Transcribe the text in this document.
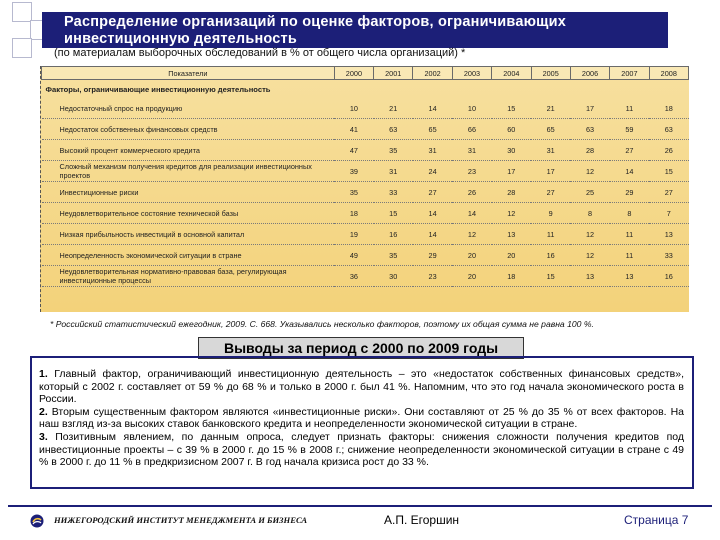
Распределение организаций по оценке факторов, ограничивающих инвестиционную деятельность
(по материалам выборочных обследований в % от общего числа организаций) *
Показатели	2000	2001	2002	2003	2004	2005	2006	2007	2008
Факторы, ограничивающие инвестиционную деятельность									
Недостаточный спрос на продукцию	10	21	14	10	15	21	17	11	18
Недостаток собственных финансовых средств	41	63	65	66	60	65	63	59	63
Высокий процент коммерческого кредита	47	35	31	31	30	31	28	27	26
Сложный механизм получения кредитов для реализации инвестиционных проектов	39	31	24	23	17	17	12	14	15
Инвестиционные риски	35	33	27	26	28	27	25	29	27
Неудовлетворительное состояние технической базы	18	15	14	14	12	9	8	8	7
Низкая прибыльность инвестиций в основной капитал	19	16	14	12	13	11	12	11	13
Неопределенность экономической ситуации в стране	49	35	29	20	20	16	12	11	33
Неудовлетворительная нормативно-правовая база, регулирующая инвестиционные процессы	36	30	23	20	18	15	13	13	16
* Российский статистический ежегодник, 2009. С. 668. Указывались несколько факторов, поэтому их общая сумма не равна 100 %.
Выводы за период с 2000 по 2009 годы

1. Главный фактор, ограничивающий инвестиционную деятельность – это «недостаток собственных финансовых средств», который с 2002 г. составляет от 59 % до 68 % и только в 2000 г. был 41 %. Напомним, что это год начала экономического роста в России.

2. Вторым существенным фактором являются «инвестиционные риски». Они составляют от 25 % до 35 % от всех факторов. На наш взгляд из-за высоких ставок банковского кредита и неопределенности экономической ситуации в стране.

3. Позитивным явлением, по данным опроса, следует признать факторы: снижения сложности получения кредитов под инвестиционные проекты – с 39 % в 2000 г. до 15 % в 2008 г.; снижение неопределенности экономической ситуации в стране с 49 % в 2000 г. до 11 % в предкризисном 2007 г. В год начала кризиса рост до 33 %.

НИЖЕГОРОДСКИЙ ИНСТИТУТ МЕНЕДЖМЕНТА И БИЗНЕСА	А.П. Егоршин	Страница 7
